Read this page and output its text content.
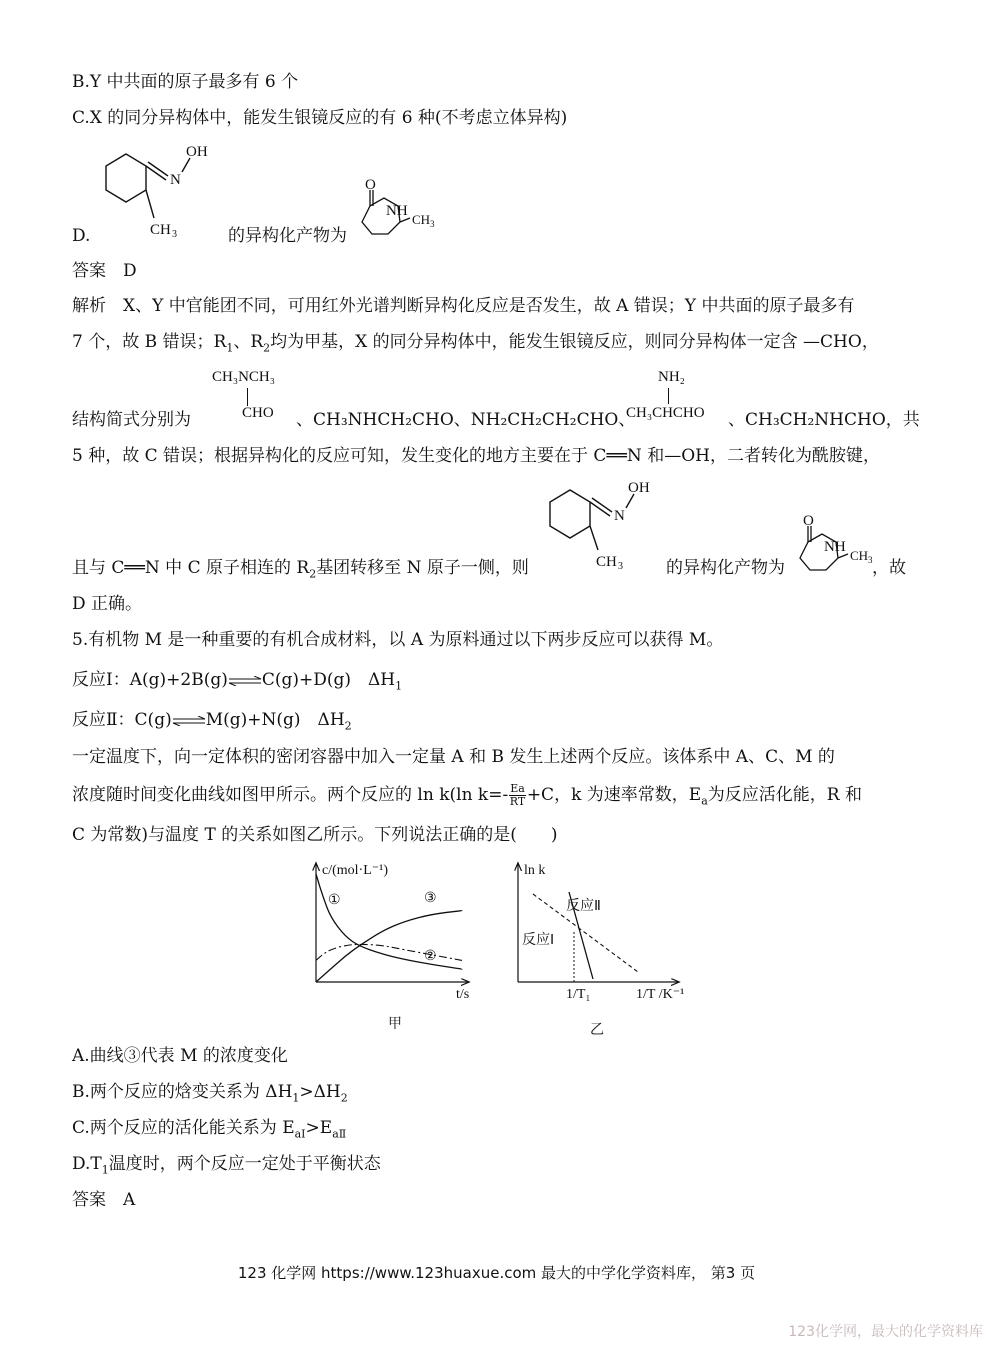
B.Y 中共面的原子最多有 6 个
C.X 的同分异构体中，能发生银镜反应的有 6 种(不考虑立体异构)
D.
N
OH
CH 3	的异构化产物为
O
NH
CH 3
答案　D
解析　X、Y 中官能团不同，可用红外光谱判断异构化反应是否发生，故 A 错误；Y 中共面的原子最多有
7 个，故 B 错误；$R_1$、$R_2$均为甲基，X 的同分异构体中，能发生银镜反应，则同分异构体一定含 —CHO，
CH₃NCH₃
CHO
NH₂
CH₃CHCHO
结构简式分别为	、CH₃NHCH₂CHO、NH₂CH₂CH₂CHO、	、CH₃CH₂NHCHO，共
5 种，故 C 错误；根据异构化的反应可知，发生变化的地方主要在于 C══N 和—OH，二者转化为酰胺键，
N
OH
CH 3
O
NH
CH 3
且与 C══N 中 C 原子相连的 $R_2$基团转移至 N 原子一侧，则	的异构化产物为	，故
D 正确。
5.有机物 M 是一种重要的有机合成材料，以 A 为原料通过以下两步反应可以获得 M。
反应Ⅰ：A(g)+2B(g)⇌C(g)+D(g)　$\Delta H_1$
反应Ⅱ：C(g)⇌M(g)+N(g)　$\Delta H_2$
一定温度下，向一定体积的密闭容器中加入一定量 A 和 B 发生上述两个反应。该体系中 A、C、M 的
浓度随时间变化曲线如图甲所示。两个反应的 ln k(ln $k=- \frac{Ea}{RT} +C$，k 为速率常数，$E_a$为反应活化能，R 和
C 为常数)与温度 T 的关系如图乙所示。下列说法正确的是(　　)
c/(mol·L⁻¹)
t/s
①
②
③
甲
ln k
反应Ⅱ
反应Ⅰ
1/T₁	1/T /K⁻¹
乙
A.曲线③代表 M 的浓度变化
B.两个反应的焓变关系为 $\Delta H_1>\Delta H_2$
C.两个反应的活化能关系为 $E_{aⅠ}>E_{aⅡ}$
$D.T_1$温度时，两个反应一定处于平衡状态
答案　A
123 化学网 https://www.123huaxue.com 最大的中学化学资料库， 第3 页
123化学网，最大的化学资料库
